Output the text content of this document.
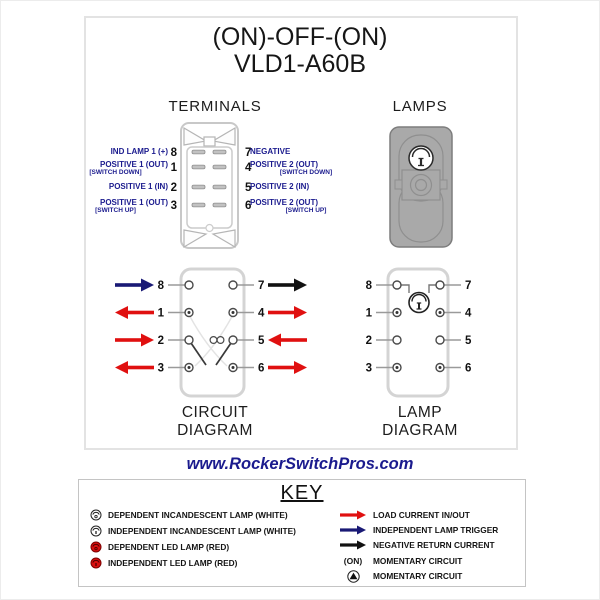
(ON)-OFF-(ON)
VLD1-A60B
TERMINALS	LAMPS
8
1
2
3
7
4
5
6
IND LAMP 1 (+)
POSITIVE 1 (OUT)
[SWITCH DOWN]
POSITIVE 1 (IN)
POSITIVE 1 (OUT)
[SWITCH UP]
NEGATIVE
POSITIVE 2 (OUT)
[SWITCH DOWN]
POSITIVE 2 (IN)
POSITIVE 2 (OUT)
[SWITCH UP]
8
1
2
3
7
4
5
6
8
1
2
3
7
4
5
6
CIRCUIT
DIAGRAM
LAMP
DIAGRAM
www.RockerSwitchPros.com
KEY
DEPENDENT INCANDESCENT LAMP (WHITE)
INDEPENDENT INCANDESCENT LAMP (WHITE)
DEPENDENT LED LAMP (RED)
INDEPENDENT LED LAMP (RED)
LOAD CURRENT IN/OUT
INDEPENDENT LAMP TRIGGER
NEGATIVE RETURN CURRENT
(ON)	MOMENTARY CIRCUIT
MOMENTARY CIRCUIT
